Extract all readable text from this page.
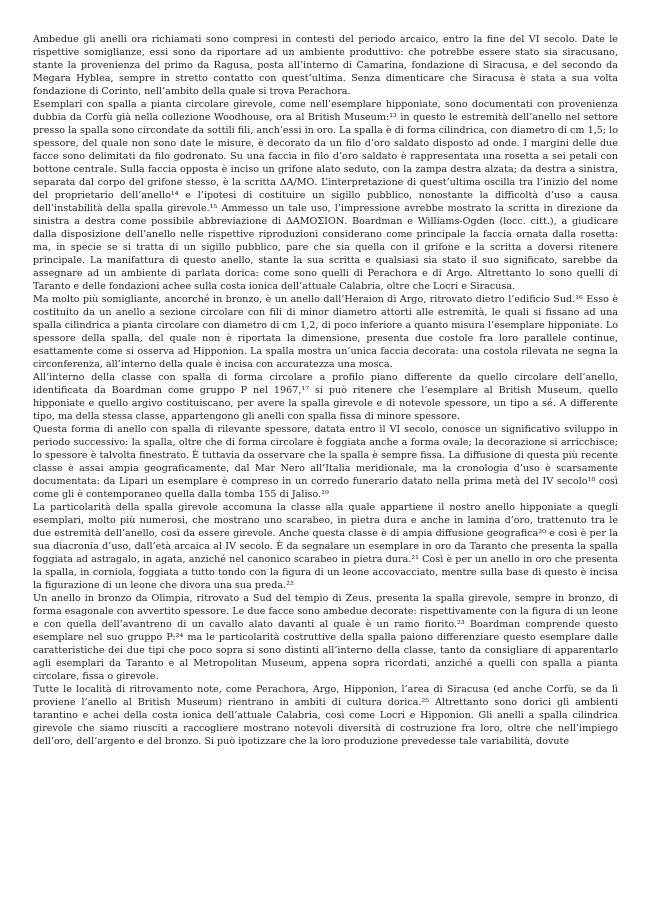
Ambedue gli anelli ora richiamati sono compresi in contesti del periodo arcaico, entro la fine del VI secolo. Date le rispettive somiglianze, essi sono da riportare ad un ambiente produttivo: che potrebbe essere stato sia siracusano, stante la provenienza del primo da Ragusa, posta all’interno di Camarina, fondazione di Siracusa, e del secondo da Megara Hyblea, sempre in stretto contatto con quest’ultima. Senza dimenticare che Siracusa è stata a sua volta fondazione di Corinto, nell’ambito della quale si trova Perachora.

Esemplari con spalla a pianta circolare girevole, come nell’esemplare hipponiate, sono documentati con provenienza dubbia da Corfù già nella collezione Woodhouse, ora al British Museum:¹³ in questo le estremità dell’anello nel settore presso la spalla sono circondate da sottili fili, anch’essi in oro. La spalla è di forma cilindrica, con diametro di cm 1,5; lo spessore, del quale non sono date le misure, è decorato da un filo d’oro saldato disposto ad onde. I margini delle due facce sono delimitati da filo godronato. Su una faccia in filo d’oro saldato è rappresentata una rosetta a sei petali con bottone centrale. Sulla faccia opposta è inciso un grifone alato seduto, con la zampa destra alzata; da destra a sinistra, separata dal corpo del grifone stesso, è la scritta ΔΑ/ΜΟ. L’interpretazione di quest’ultima oscilla tra l’inizio del nome del proprietario dell’anello¹⁴ e l’ipotesi di costituire un sigillo pubblico, nonostante la difficoltà d’uso a causa dell’instabilità della spalla girevole.¹⁵ Ammesso un tale uso, l’impressione avrebbe mostrato la scritta in direzione da sinistra a destra come possibile abbreviazione di ΔΑΜΟΣΙΟΝ. Boardman e Williams-Ogden (locc. citt.), a giudicare dalla disposizione dell’anello nelle rispettive riproduzioni considerano come principale la faccia ornata dalla rosetta: ma, in specie se si tratta di un sigillo pubblico, pare che sia quella con il grifone e la scritta a doversi ritenere principale. La manifattura di questo anello, stante la sua scritta e qualsiasi sia stato il suo significato, sarebbe da assegnare ad un ambiente di parlata dorica: come sono quelli di Perachora e di Argo. Altrettanto lo sono quelli di Taranto e delle fondazioni achee sulla costa ionica dell’attuale Calabria, oltre che Locri e Siracusa.

Ma molto più somigliante, ancorché in bronzo, è un anello dall’Heraion di Argo, ritrovato dietro l’edificio Sud.¹⁶ Esso è costituito da un anello a sezione circolare con fili di minor diametro attorti alle estremità, le quali si fissano ad una spalla cilindrica a pianta circolare con diametro di cm 1,2, di poco inferiore a quanto misura l’esemplare hipponiate. Lo spessore della spalla, del quale non è riportata la dimensione, presenta due costole fra loro parallele continue, esattamente come si osserva ad Hipponion. La spalla mostra un’unica faccia decorata: una costola rilevata ne segna la circonferenza, all’interno della quale è incisa con accuratezza una mosca.

All’interno della classe con spalla di forma circolare a profilo piano differente da quello circolare dell’anello, identificata da Boardman come gruppo P nel 1967,¹⁷ si può ritenere che l’esemplare al British Museum, quello hipponiate e quello argivo costituiscano, per avere la spalla girevole e di notevole spessore, un tipo a sé. A differente tipo, ma della stessa classe, appartengono gli anelli con spalla fissa di minore spessore.

Questa forma di anello con spalla di rilevante spessore, datata entro il VI secolo, conosce un significativo sviluppo in periodo successivo: la spalla, oltre che di forma circolare è foggiata anche a forma ovale; la decorazione si arricchisce; lo spessore è talvolta finestrato. È tuttavia da osservare che la spalla è sempre fissa. La diffusione di questa più recente classe è assai ampia geograficamente, dal Mar Nero all’Italia meridionale, ma la cronologia d’uso è scarsamente documentata: da Lipari un esemplare è compreso in un corredo funerario datato nella prima metà del IV secolo¹⁸ così come gli è contemporaneo quella dalla tomba 155 di Jaliso.¹⁹

La particolarità della spalla girevole accomuna la classe alla quale appartiene il nostro anello hipponiate a quegli esemplari, molto più numerosi, che mostrano uno scarabeo, in pietra dura e anche in lamina d’oro, trattenuto tra le due estremità dell’anello, così da essere girevole. Anche questa classe è di ampia diffusione geografica²⁰ e così è per la sua diacronia d’uso, dall’età arcaica al IV secolo. È da segnalare un esemplare in oro da Taranto che presenta la spalla foggiata ad astragalo, in agata, anziché nel canonico scarabeo in pietra dura.²¹ Così è per un anello in oro che presenta la spalla, in corniola, foggiata a tutto tondo con la figura di un leone accovacciato, mentre sulla base di questo è incisa la figurazione di un leone che divora una sua preda.²²

Un anello in bronzo da Olimpia, ritrovato a Sud del tempio di Zeus, presenta la spalla girevole, sempre in bronzo, di forma esagonale con avvertito spessore. Le due facce sono ambedue decorate: rispettivamente con la figura di un leone e con quella dell’avantreno di un cavallo alato davanti al quale è un ramo fiorito.²³ Boardman comprende questo esemplare nel suo gruppo P:²⁴ ma le particolarità costruttive della spalla paiono differenziare questo esemplare dalle caratteristiche dei due tipi che poco sopra si sono distinti all’interno della classe, tanto da consigliare di apparentarlo agli esemplari da Taranto e al Metropolitan Museum, appena sopra ricordati, anziché a quelli con spalla a pianta circolare, fissa o girevole.

Tutte le località di ritrovamento note, come Perachora, Argo, Hipponion, l’area di Siracusa (ed anche Corfù, se da lì proviene l’anello al British Museum) rientrano in ambiti di cultura dorica.²⁵ Altrettanto sono dorici gli ambienti tarantino e achei della costa ionica dell’attuale Calabria, così come Locri e Hipponion. Gli anelli a spalla cilindrica girevole che siamo riusciti a raccogliere mostrano notevoli diversità di costruzione fra loro, oltre che nell’impiego dell’oro, dell’argento e del bronzo. Si può ipotizzare che la loro produzione prevedesse tale variabilità, dovute
